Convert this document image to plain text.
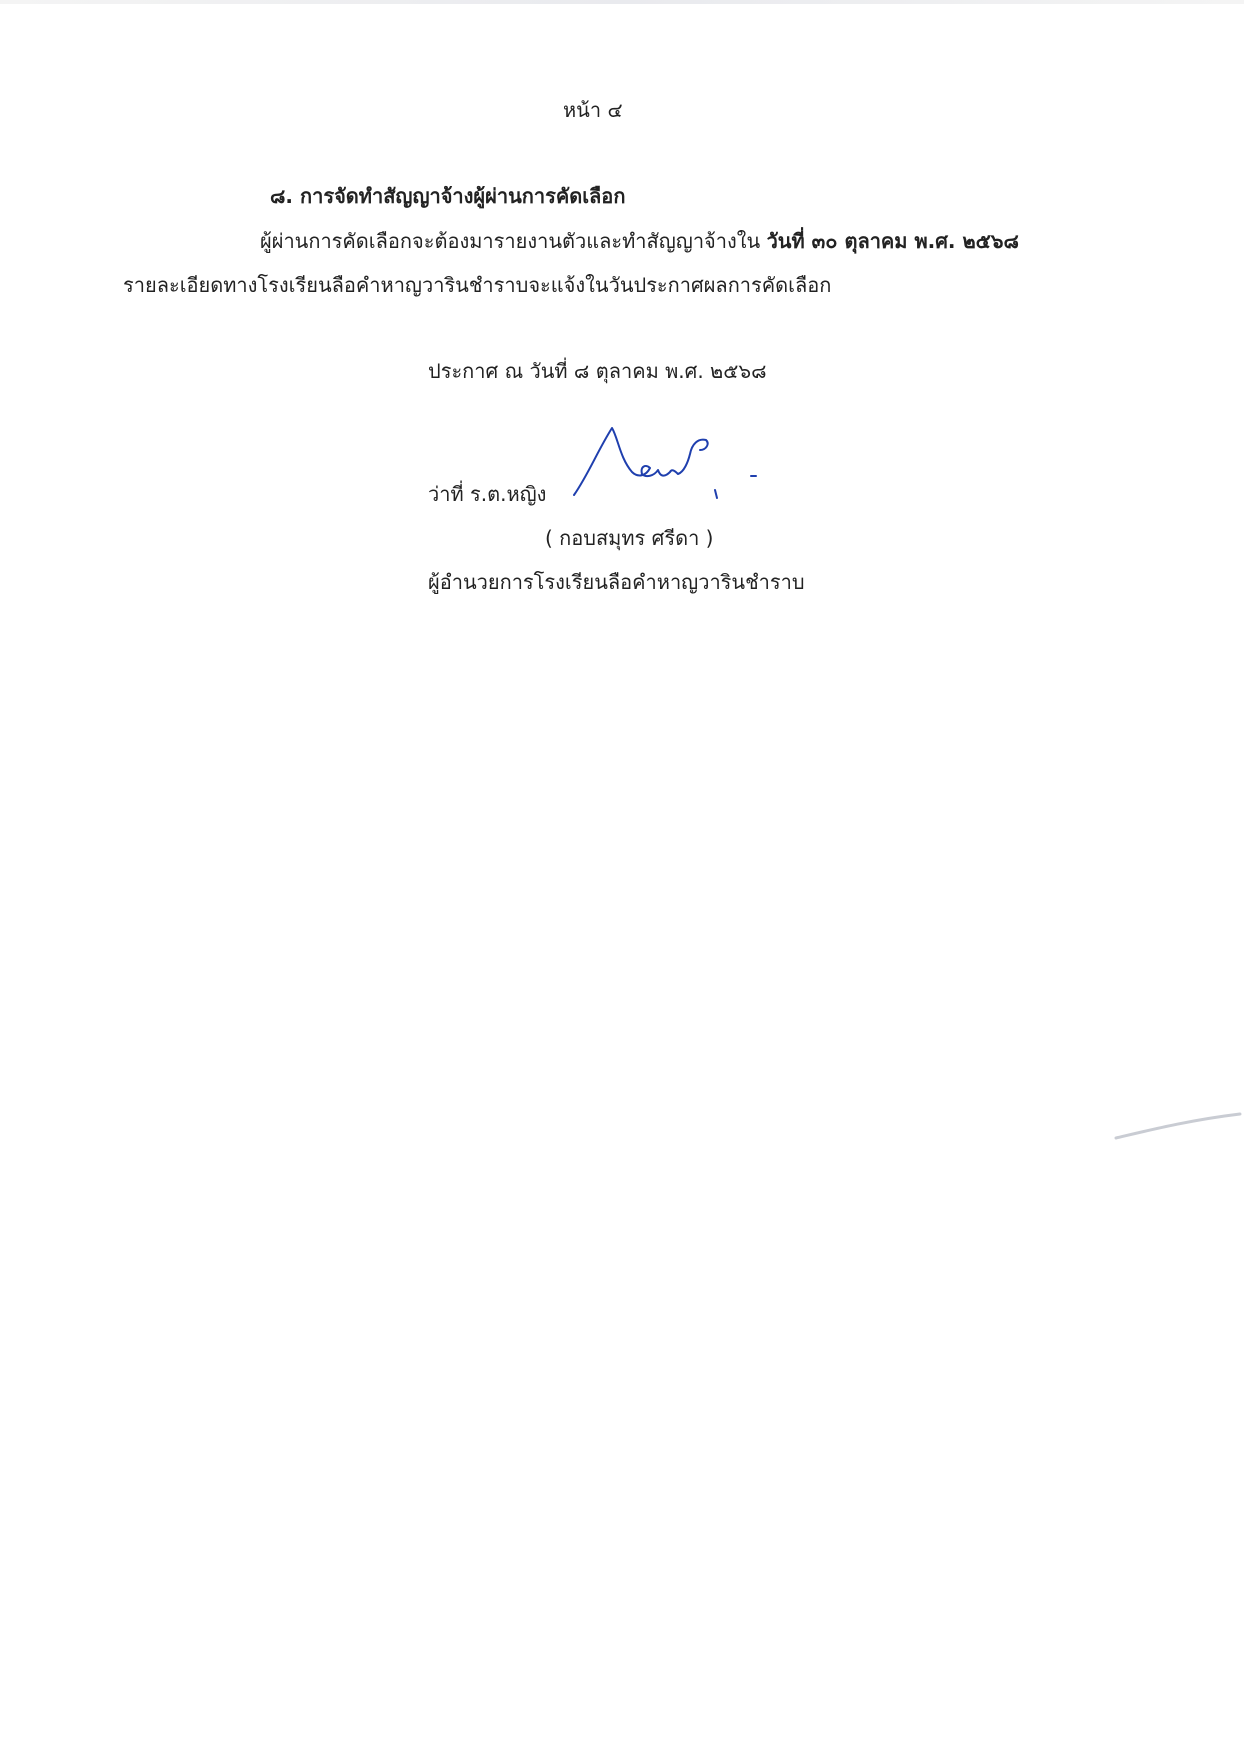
หน้า ๔
๘. การจัดทำสัญญาจ้างผู้ผ่านการคัดเลือก
ผู้ผ่านการคัดเลือกจะต้องมารายงานตัวและทำสัญญาจ้างใน วันที่ ๓๐ ตุลาคม พ.ศ. ๒๕๖๘
รายละเอียดทางโรงเรียนลือคำหาญวารินชำราบจะแจ้งในวันประกาศผลการคัดเลือก
ประกาศ ณ วันที่ ๘ ตุลาคม พ.ศ. ๒๕๖๘
ว่าที่ ร.ต.หญิง
( กอบสมุทร ศรีดา )
ผู้อำนวยการโรงเรียนลือคำหาญวารินชำราบ
